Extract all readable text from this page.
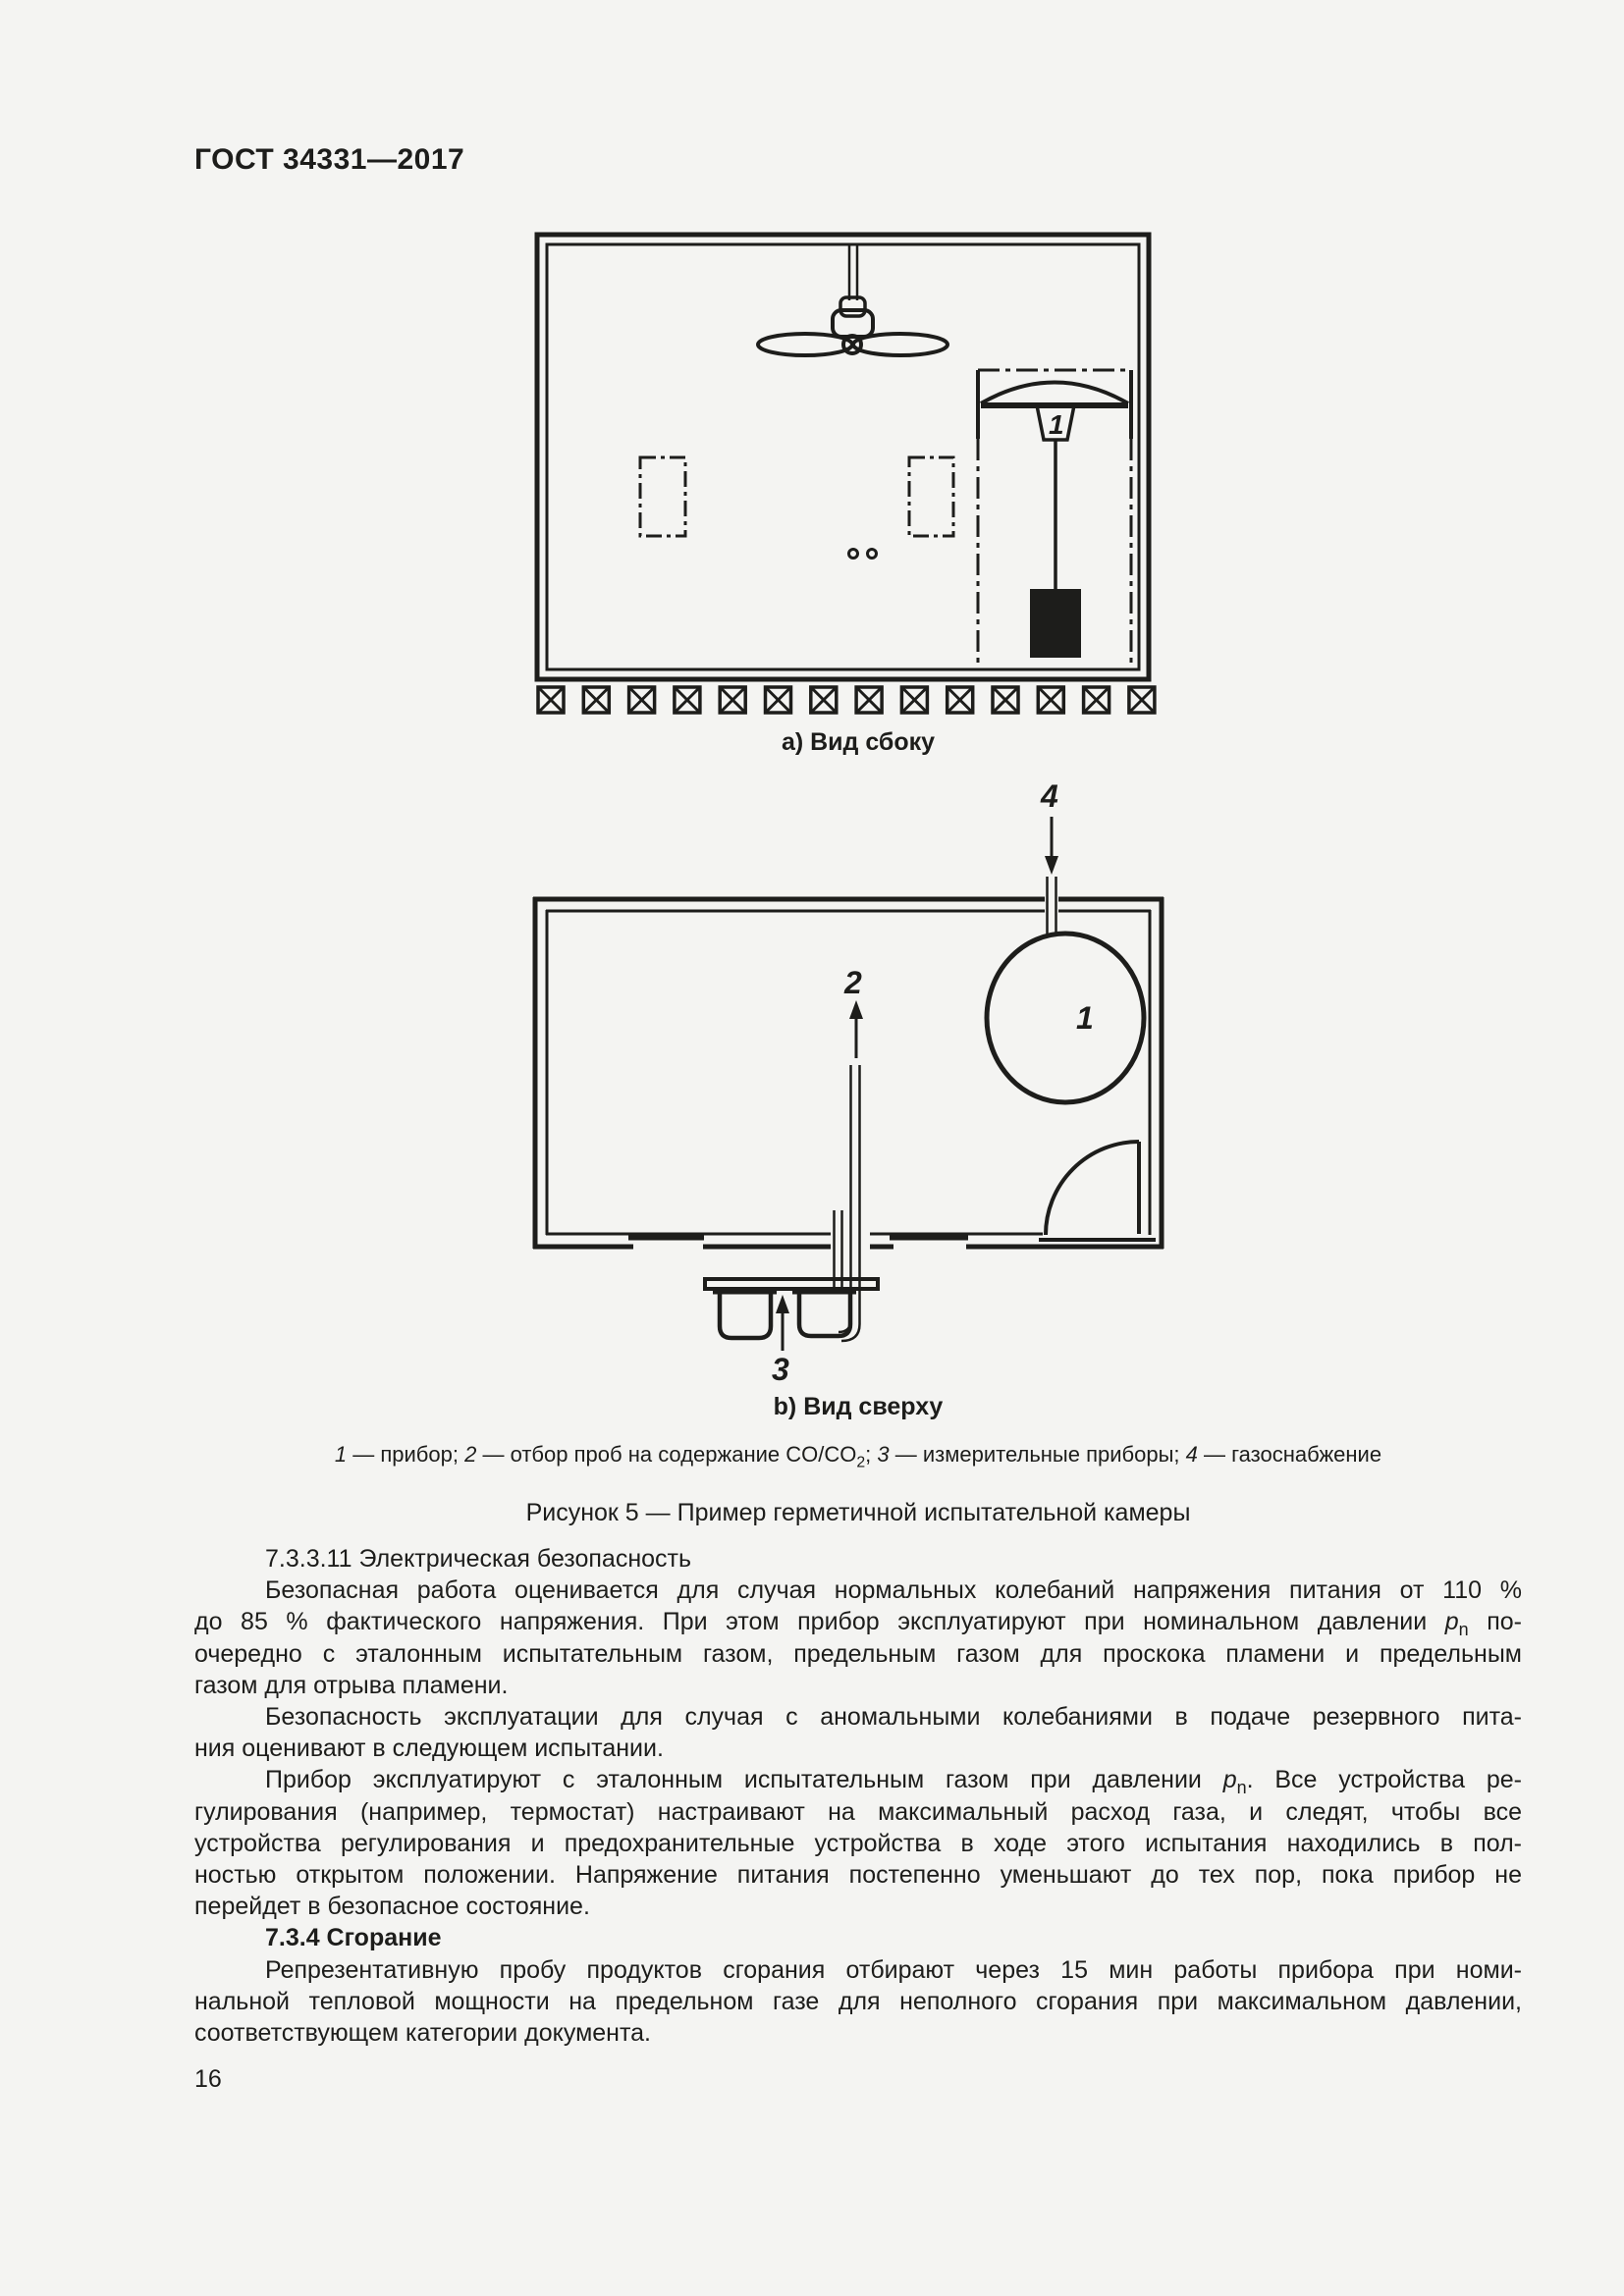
ГОСТ 34331—2017
1
4
1
2
3
а) Вид сбоку
b) Вид сверху
1 — прибор; 2 — отбор проб на содержание $CO/CO_2$; 3 — измерительные приборы; 4 — газоснабжение
Рисунок 5 — Пример герметичной испытательной камеры
7.3.3.11 Электрическая безопасность
Безопасная работа оценивается для случая нормальных колебаний напряжения питания от 110 %
до 85 % фактического напряжения. При этом прибор эксплуатируют при номинальном давлении $p_n$ по-
очередно с эталонным испытательным газом, предельным газом для проскока пламени и предельным
газом для отрыва пламени.
Безопасность эксплуатации для случая с аномальными колебаниями в подаче резервного пита-
ния оценивают в следующем испытании.
Прибор эксплуатируют с эталонным испытательным газом при давлении $p_n$. Все устройства ре-
гулирования (например, термостат) настраивают на максимальный расход газа, и следят, чтобы все
устройства регулирования и предохранительные устройства в ходе этого испытания находились в пол-
ностью открытом положении. Напряжение питания постепенно уменьшают до тех пор, пока прибор не
перейдет в безопасное состояние.
7.3.4 Сгорание
Репрезентативную пробу продуктов сгорания отбирают через 15 мин работы прибора при номи-
нальной тепловой мощности на предельном газе для неполного сгорания при максимальном давлении,
соответствующем категории документа.
16
